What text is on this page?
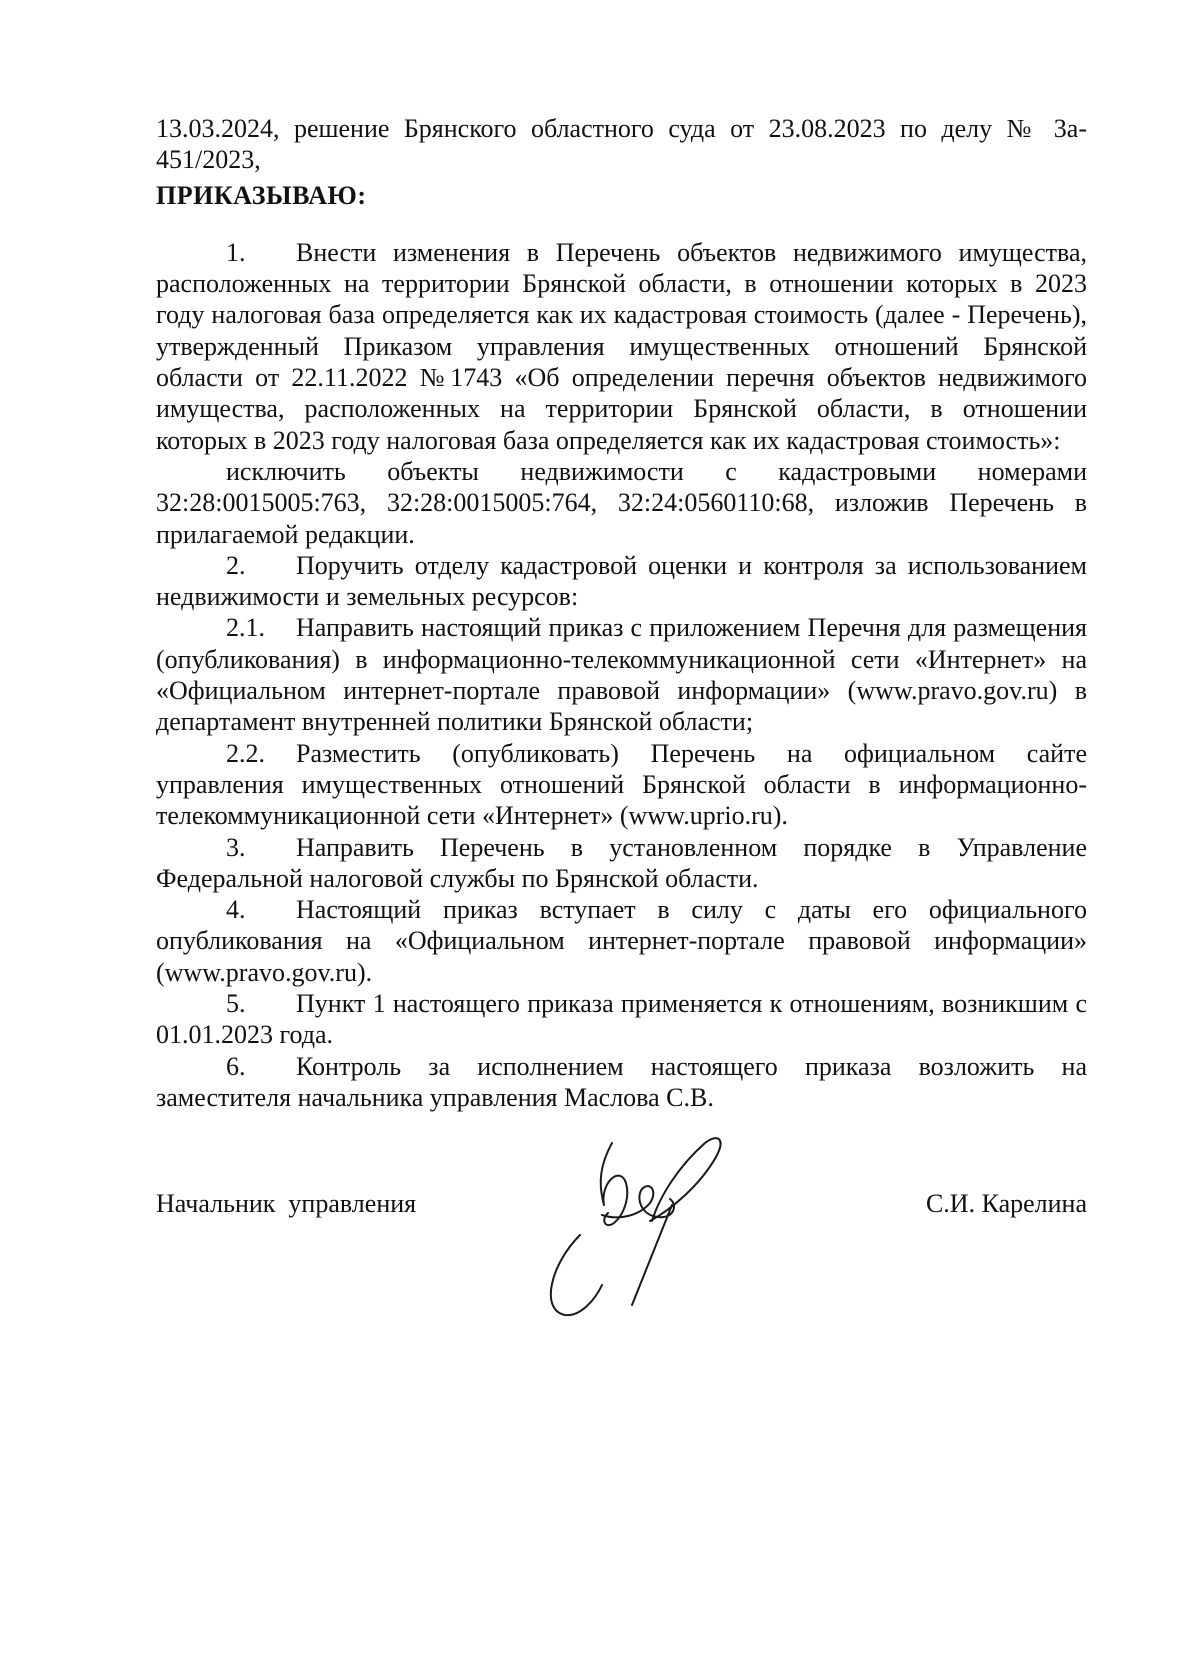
13.03.2024, решение Брянского областного суда от 23.08.2023 по делу № 3а-

451/2023,

ПРИКАЗЫВАЮ:

1. Внести изменения в Перечень объектов недвижимого имущества, расположенных на территории Брянской области, в отношении которых в 2023 году налоговая база определяется как их кадастровая стоимость (далее - Перечень), утвержденный Приказом управления имущественных отношений Брянской области от 22.11.2022 №1743 «Об определении перечня объектов недвижимого имущества, расположенных на территории Брянской области, в отношении которых в 2023 году налоговая база определяется как их кадастровая стоимость»:

исключить объекты недвижимости с кадастровыми номерами 32:28:0015005:763, 32:28:0015005:764, 32:24:0560110:68, изложив Перечень в прилагаемой редакции.

2. Поручить отделу кадастровой оценки и контроля за использованием недвижимости и земельных ресурсов:

2.1. Направить настоящий приказ с приложением Перечня для размещения (опубликования) в информационно-телекоммуникационной сети «Интернет» на «Официальном интернет-портале правовой информации» (www.pravo.gov.ru) в департамент внутренней политики Брянской области;

2.2. Разместить (опубликовать) Перечень на официальном сайте управления имущественных отношений Брянской области в информационно-телекоммуникационной сети «Интернет» (www.uprio.ru).

3. Направить Перечень в установленном порядке в Управление Федеральной налоговой службы по Брянской области.

4. Настоящий приказ вступает в силу с даты его официального опубликования на «Официальном интернет-портале правовой информации» (www.pravo.gov.ru).

5. Пункт 1 настоящего приказа применяется к отношениям, возникшим с 01.01.2023 года.

6. Контроль за исполнением настоящего приказа возложить на заместителя начальника управления Маслова С.В.

Начальник  управления	С.И. Карелина
